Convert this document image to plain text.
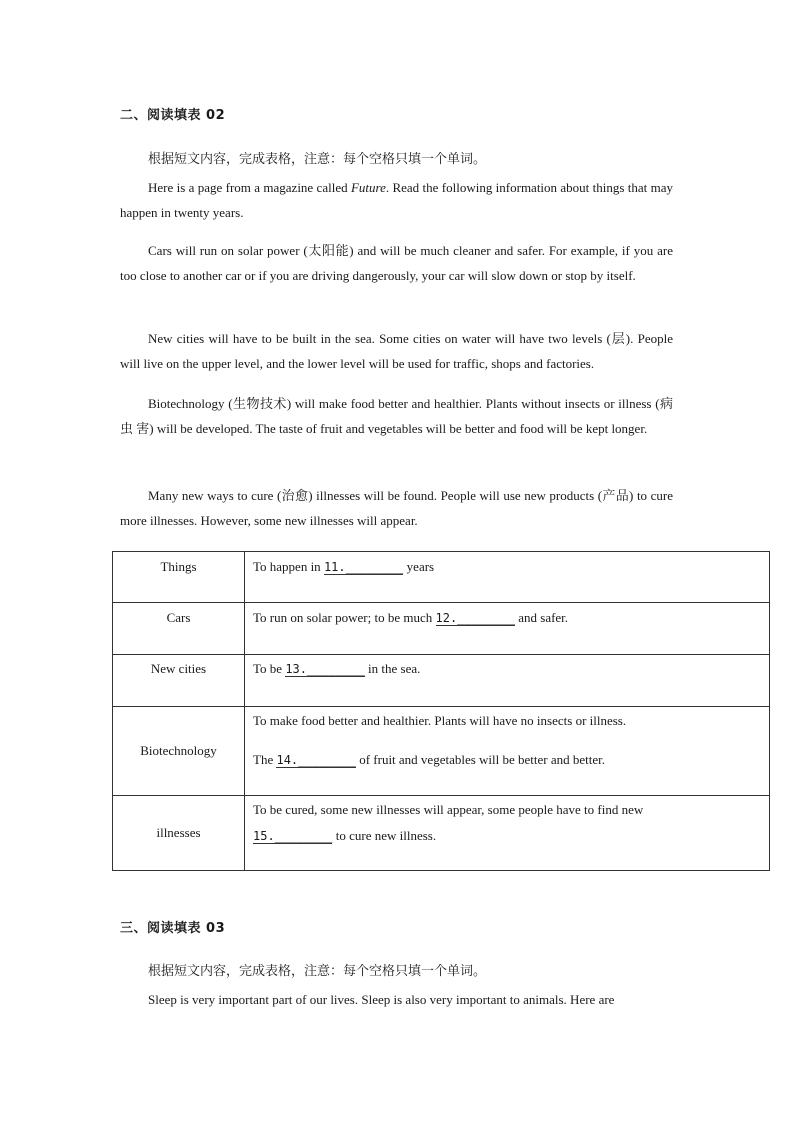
二、阅读填表 02
根据短文内容，完成表格，注意：每个空格只填一个单词。

Here is a page from a magazine called Future. Read the following information about things that may happen in twenty years.

Cars will run on solar power (太阳能) and will be much cleaner and safer. For example, if you are too close to another car or if you are driving dangerously, your car will slow down or stop by itself.

New cities will have to be built in the sea. Some cities on water will have two levels (层). People will live on the upper level, and the lower level will be used for traffic, shops and factories.

Biotechnology (生物技术) will make food better and healthier. Plants without insects or illness (病虫 害) will be developed. The taste of fruit and vegetables will be better and food will be kept longer.

Many new ways to cure (治愈) illnesses will be found. People will use new products (产品) to cure more illnesses. However, some new illnesses will appear.

Things	To happen in 11.________ years

Cars	To run on solar power; to be much 12.________ and safer.

New cities	To be 13.________ in the sea.

Biotechnology	To make food better and healthier. Plants will have no insects or illness.
The 14.________ of fruit and vegetables will be better and better.

illnesses	To be cured, some new illnesses will appear, some people have to find new
15.________ to cure new illness.
三、阅读填表 03
根据短文内容，完成表格，注意：每个空格只填一个单词。

Sleep is very important part of our lives. Sleep is also very important to animals. Here are
